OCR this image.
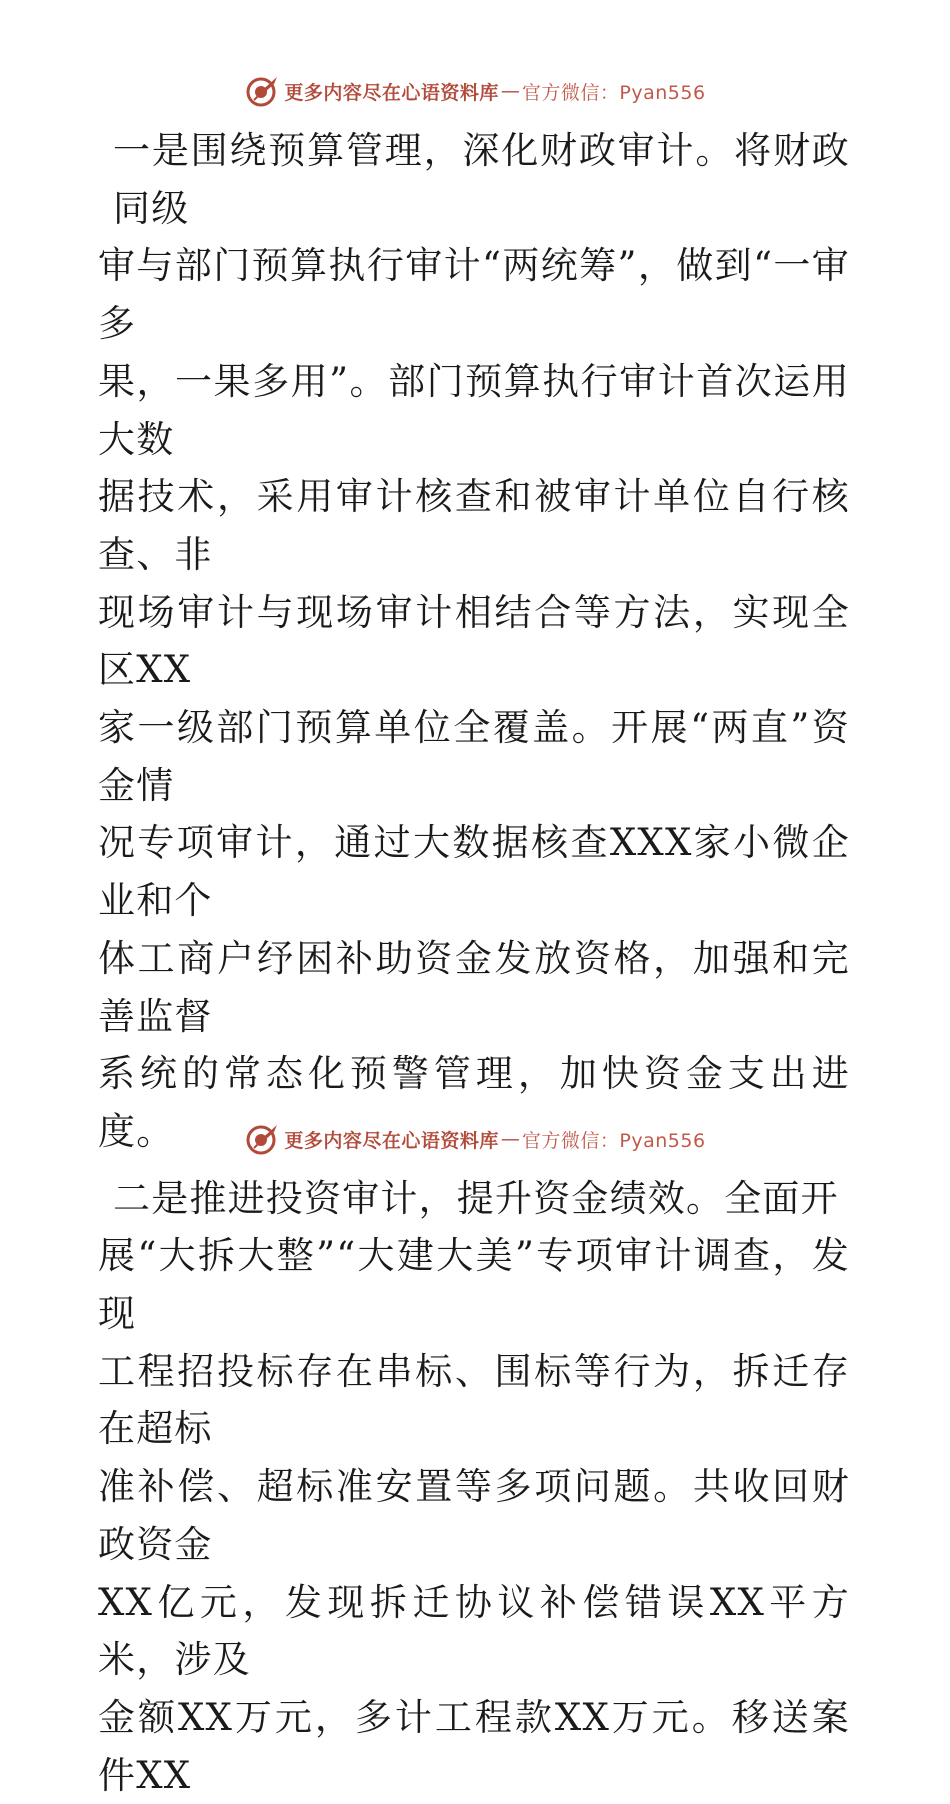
更多内容尽在心语资料库 — 官方微信：Pyan556

一是围绕预算管理，深化财政审计。将财政同级
审与部门预算执行审计“两统筹”，做到“一审多
果，一果多用”。部门预算执行审计首次运用大数
据技术，采用审计核查和被审计单位自行核查、非
现场审计与现场审计相结合等方法，实现全区XX
家一级部门预算单位全覆盖。开展“两直”资金情
况专项审计，通过大数据核查XXX家小微企业和个
体工商户纾困补助资金发放资格，加强和完善监督
系统的常态化预警管理，加快资金支出进度。

二是推进投资审计，提升资金绩效。全面开
展“大拆大整”“大建大美”专项审计调查，发现
工程招投标存在串标、围标等行为，拆迁存在超标
准补偿、超标准安置等多项问题。共收回财政资金
XX亿元，发现拆迁协议补偿错误XX平方米，涉及
金额XX万元，多计工程款XX万元。移送案件XX

更多内容尽在心语资料库 — 官方微信：Pyan556
